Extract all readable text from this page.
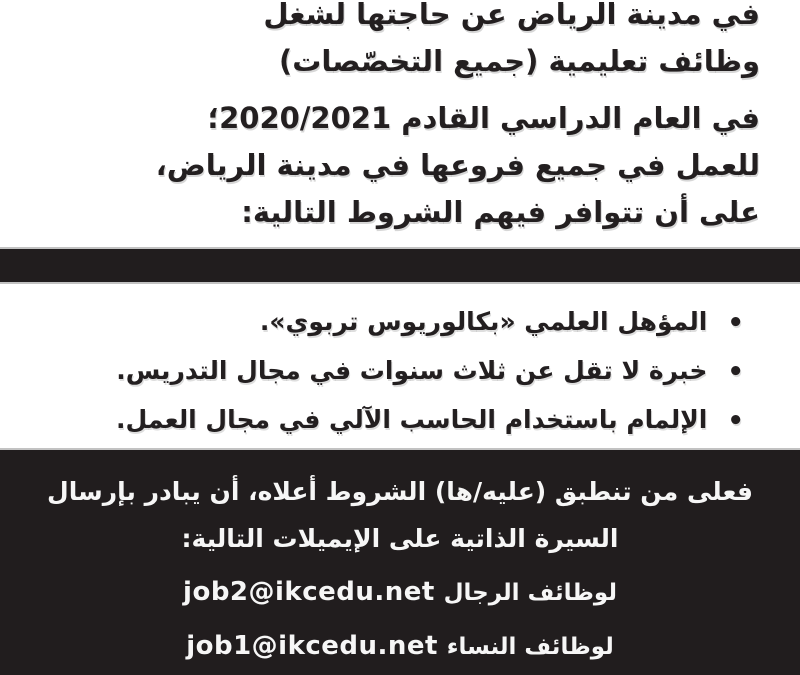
في مدينة الرياض عن حاجتها لشغل
وظائف تعليمية (جميع التخصّصات)
في العام الدراسي القادم 2020/2021؛
للعمل في جميع فروعها في مدينة الرياض،
على أن تتوافر فيهم الشروط التالية:
•المؤهل العلمي «بكالوريوس تربوي».
•خبرة لا تقل عن ثلاث سنوات في مجال التدريس.
•الإلمام باستخدام الحاسب الآلي في مجال العمل.
فعلى من تنطبق (عليه/ها) الشروط أعلاه، أن يبادر بإرسال
السيرة الذاتية على الإيميلات التالية:
لوظائف الرجال job2@ikcedu.net
لوظائف النساء job1@ikcedu.net
